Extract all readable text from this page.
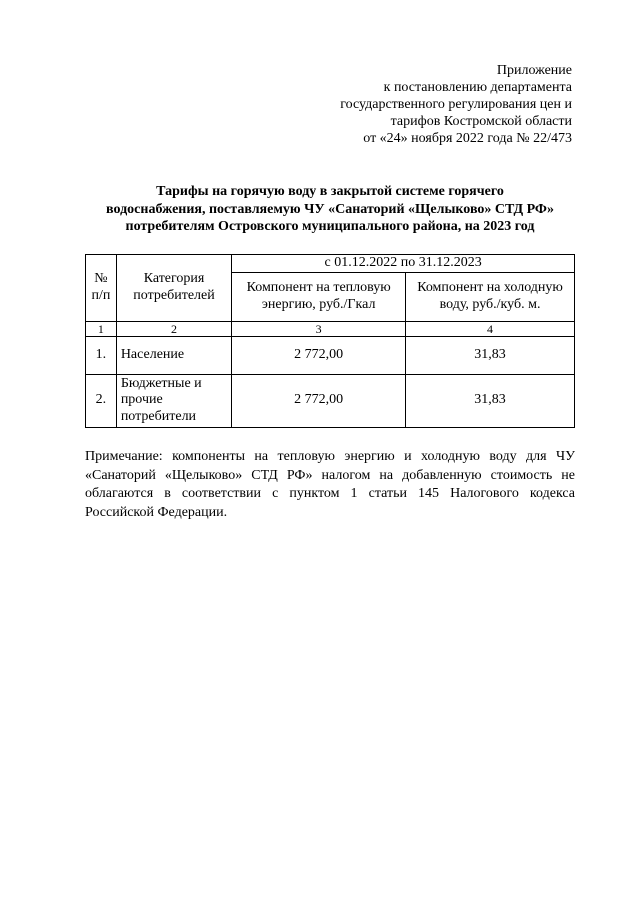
Приложение
к постановлению департамента
государственного регулирования цен и
тарифов Костромской области
от «24» ноября 2022 года № 22/473
Тарифы на горячую воду в закрытой системе горячего
водоснабжения, поставляемую ЧУ «Санаторий «Щелыково» СТД РФ»
потребителям Островского муниципального района, на 2023 год
№ п/п	Категория потребителей	с 01.12.2022 по 31.12.2023	
		Компонент на тепловую энергию, руб./Гкал	Компонент на холодную воду, руб./куб. м.
1	2	3	4
1.	Население	2 772,00	31,83
2.	Бюджетные и прочие потребители	2 772,00	31,83
Примечание: компоненты на тепловую энергию и холодную воду для ЧУ «Санаторий «Щелыково» СТД РФ» налогом на добавленную стоимость не облагаются в соответствии с пунктом 1 статьи 145 Налогового кодекса Российской Федерации.
